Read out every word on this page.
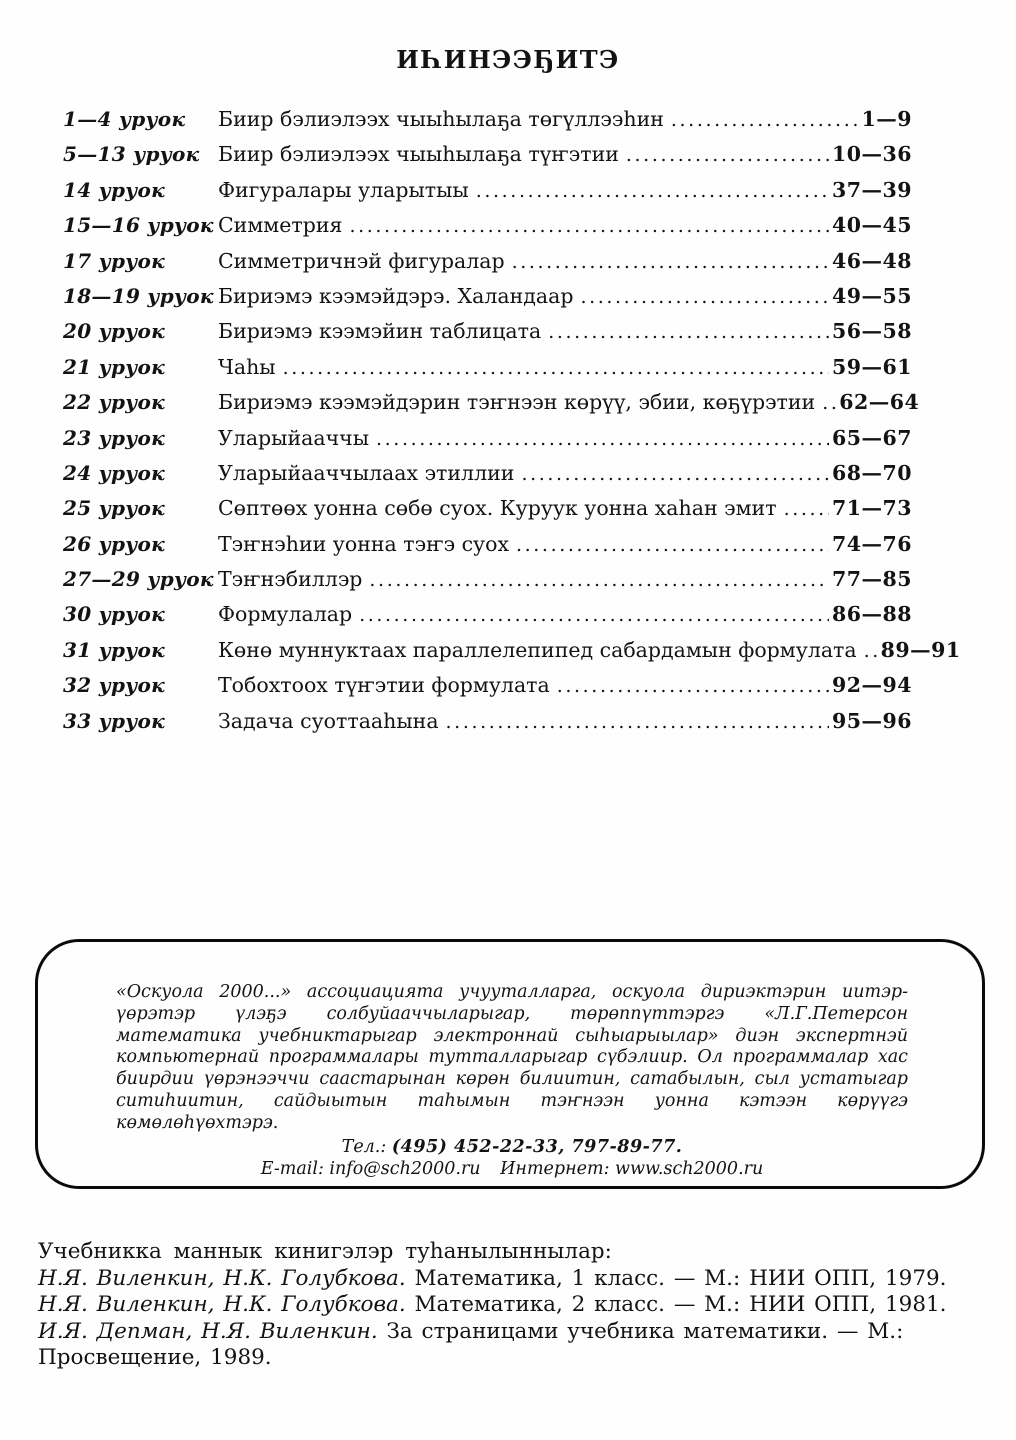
ИҺИНЭЭҔИТЭ
1—4 уруок	Биир бэлиэлээх чыыһылаҕа төгүллээһин .....	1—9
5—13 уруок Биир бэлиэлээх чыыһылаҕа түҥэтии .....	10—36
14 уруок	Фигуралары уларытыы .....	37—39
15—16 уруок Симметрия .....	40—45
17 уруок	Симметричнэй фигуралар .....	46—48
18—19 уруок Бириэмэ кээмэйдэрэ. Халандаар .....	49—55
20 уруок	Бириэмэ кээмэйин таблицата .....	56—58
21 уруок	Чаһы .....	59—61
22 уруок	Бириэмэ кээмэйдэрин тэҥнээн көрүү, эбии, көҕүрэтии ..... 62—64
23 уруок	Уларыйааччы .....	65—67
24 уруок	Уларыйааччылаах этиллии .....	68—70
25 уруок	Сөптөөх уонна сөбө суох. Куруук уонна хаһан эмит .....	71—73
26 уруок	Тэҥнэһии уонна тэҥэ суох .....	74—76
27—29 уруок Тэҥнэбиллэр .....	77—85
30 уруок	Формулалар .....	86—88
31 уруок	Көнө муннуктаах параллелепипед сабардамын формулата ..... 89—91
32 уруок	Тобохтоох түҥэтии формулата .....	92—94
33 уруок	Задача суоттааһына .....	95—96

«Оскуола 2000...» ассоциацията учууталларга, оскуола дириэктэрин иитэр-үөрэтэр үлэҕэ солбуйааччыларыгар, төрөппүттэргэ «Л.Г.Петерсон математика учебниктарыгар электроннай сыһыарыылар» диэн экспертнэй компьютернай программалары тутталларыгар сүбэлиир. Ол программалар хас биирдии үөрэнээччи саастарынан көрөн билиитин, сатабылын, сыл устатыгар ситиһиитин, сайдыытын таһымын тэҥнээн уонна кэтээн көрүүгэ көмөлөһүөхтэрэ.

Тел.: (495) 452-22-33, 797-89-77.

E-mail: info@sch2000.ru Интернет: www.sch2000.ru

Учебникка маннык кинигэлэр туһанылыннылар:

Н.Я. Виленкин, Н.К. Голубкова. Математика, 1 класс. — М.: НИИ ОПП, 1979.

Н.Я. Виленкин, Н.К. Голубкова. Математика, 2 класс. — М.: НИИ ОПП, 1981.

И.Я. Депман, Н.Я. Виленкин. За страницами учебника математики. — М.: Просвещение, 1989.
